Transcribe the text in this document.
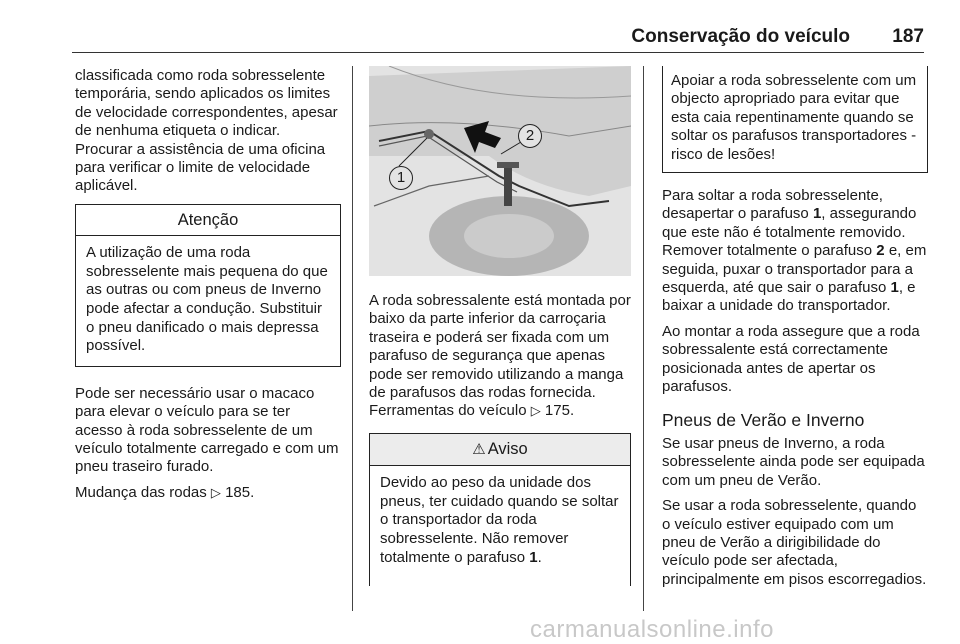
Conservação do veículo 187

classificada como roda sobresselente temporária, sendo aplicados os limites de velocidade correspondentes, apesar de nenhuma etiqueta o indicar. Procurar a assistência de uma oficina para verificar o limite de velocidade aplicável.

Atenção
A utilização de uma roda sobresselente mais pequena do que as outras ou com pneus de Inverno pode afectar a condução. Substituir o pneu danificado o mais depressa possível.

Pode ser necessário usar o macaco para elevar o veículo para se ter acesso à roda sobresselente de um veículo totalmente carregado e com um pneu traseiro furado.

Mudança das rodas ▷ 185.

1
2

A roda sobressalente está montada por baixo da parte inferior da carroçaria traseira e poderá ser fixada com um parafuso de segurança que apenas pode ser removido utilizando a manga de parafusos das rodas fornecida. Ferramentas do veículo ▷ 175.

⚠ Aviso
Devido ao peso da unidade dos pneus, ter cuidado quando se soltar o transportador da roda sobresselente. Não remover totalmente o parafuso 1.
Apoiar a roda sobresselente com um objecto apropriado para evitar que esta caia repentinamente quando se soltar os parafusos transportadores - risco de lesões!

Para soltar a roda sobresselente, desapertar o parafuso 1, assegurando que este não é totalmente removido. Remover totalmente o parafuso 2 e, em seguida, puxar o transportador para a esquerda, até que sair o parafuso 1, e baixar a unidade do transportador.

Ao montar a roda assegure que a roda sobressalente está correctamente posicionada antes de apertar os parafusos.

Pneus de Verão e Inverno

Se usar pneus de Inverno, a roda sobresselente ainda pode ser equipada com um pneu de Verão.

Se usar a roda sobresselente, quando o veículo estiver equipado com um pneu de Verão a dirigibilidade do veículo pode ser afectada, principalmente em pisos escorregadios.

carmanualsonline.info
